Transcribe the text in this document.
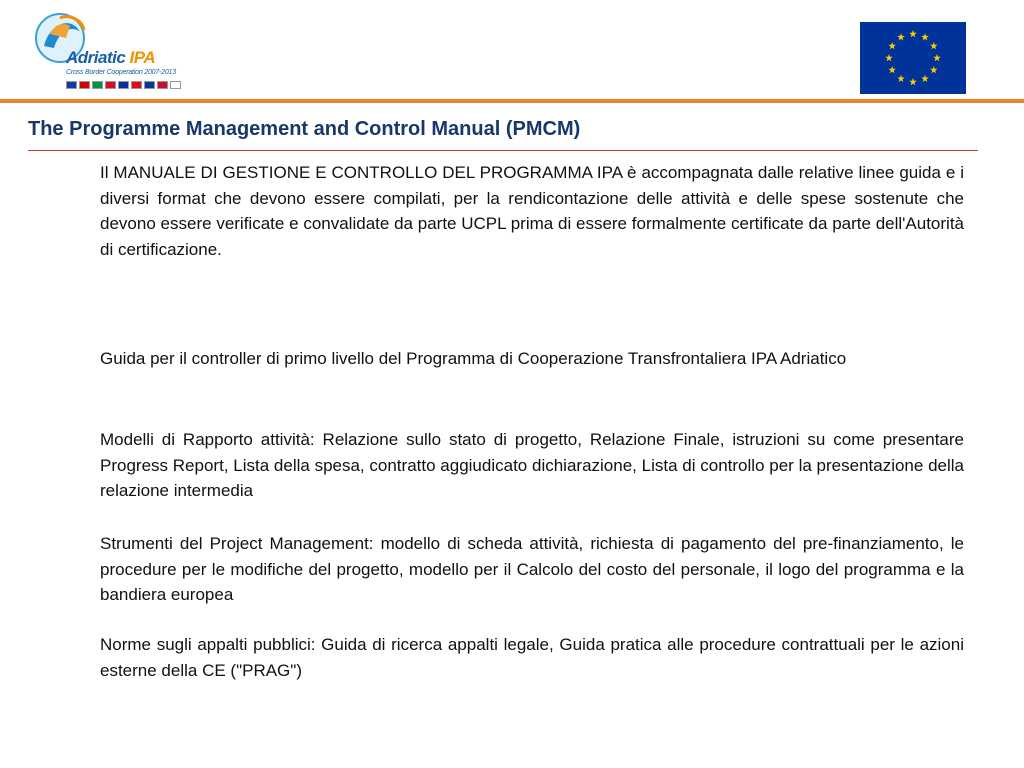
Adriatic IPA
Cross Border Cooperation 2007-2013
The Programme Management and Control Manual (PMCM)

Il MANUALE DI GESTIONE E CONTROLLO DEL PROGRAMMA IPA è accompagnata dalle relative linee guida e i diversi format che devono essere compilati, per la rendicontazione delle attività e delle spese sostenute che devono essere verificate e convalidate da parte UCPL prima di essere formalmente certificate da parte dell'Autorità di certificazione.

Guida per il controller di primo livello del Programma di Cooperazione Transfrontaliera IPA Adriatico

Modelli di Rapporto attività: Relazione sullo stato di progetto, Relazione Finale, istruzioni su come presentare Progress Report, Lista della spesa, contratto aggiudicato dichiarazione, Lista di controllo per la presentazione della relazione intermedia

Strumenti del Project Management: modello di scheda attività, richiesta di pagamento del pre-finanziamento, le procedure per le modifiche del progetto, modello per il Calcolo del costo del personale, il logo del programma e la bandiera europea

Norme sugli appalti pubblici: Guida di ricerca appalti legale, Guida pratica alle procedure contrattuali per le azioni esterne della CE ("PRAG")
